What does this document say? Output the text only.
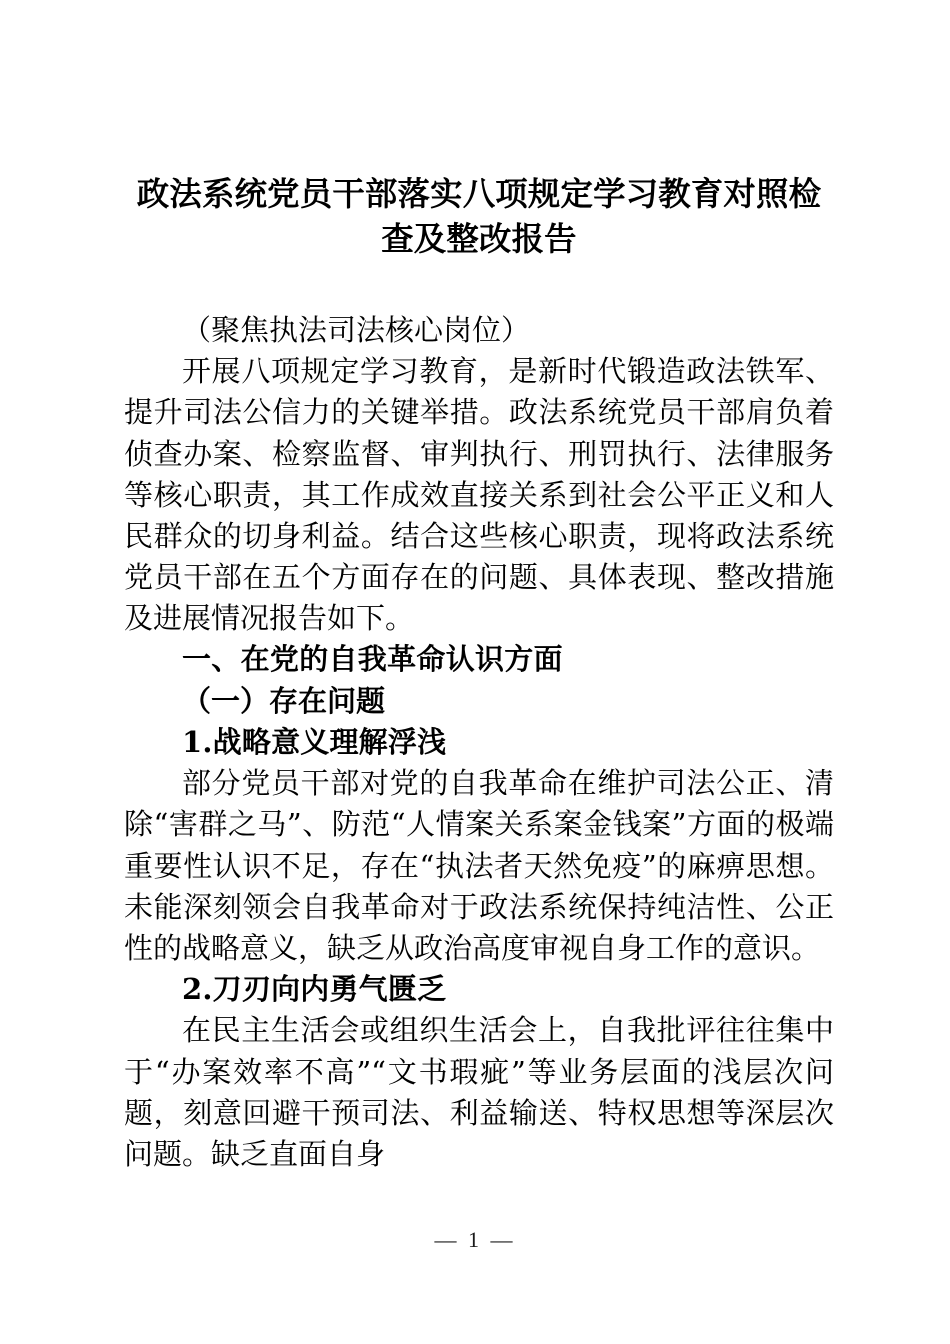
政法系统党员干部落实八项规定学习教育对照检查及整改报告

（聚焦执法司法核心岗位）

开展八项规定学习教育，是新时代锻造政法铁军、提升司法公信力的关键举措。政法系统党员干部肩负着侦查办案、检察监督、审判执行、刑罚执行、法律服务等核心职责，其工作成效直接关系到社会公平正义和人民群众的切身利益。结合这些核心职责，现将政法系统党员干部在五个方面存在的问题、具体表现、整改措施及进展情况报告如下。

一、在党的自我革命认识方面
（一）存在问题
1.战略意义理解浮浅

部分党员干部对党的自我革命在维护司法公正、清除“害群之马”、防范“人情案关系案金钱案”方面的极端重要性认识不足，存在“执法者天然免疫”的麻痹思想。未能深刻领会自我革命对于政法系统保持纯洁性、公正性的战略意义，缺乏从政治高度审视自身工作的意识。

2.刀刃向内勇气匮乏

在民主生活会或组织生活会上，自我批评往往集中于“办案效率不高”“文书瑕疵”等业务层面的浅层次问题，刻意回避干预司法、利益输送、特权思想等深层次问题。缺乏直面自身

— 1 —
